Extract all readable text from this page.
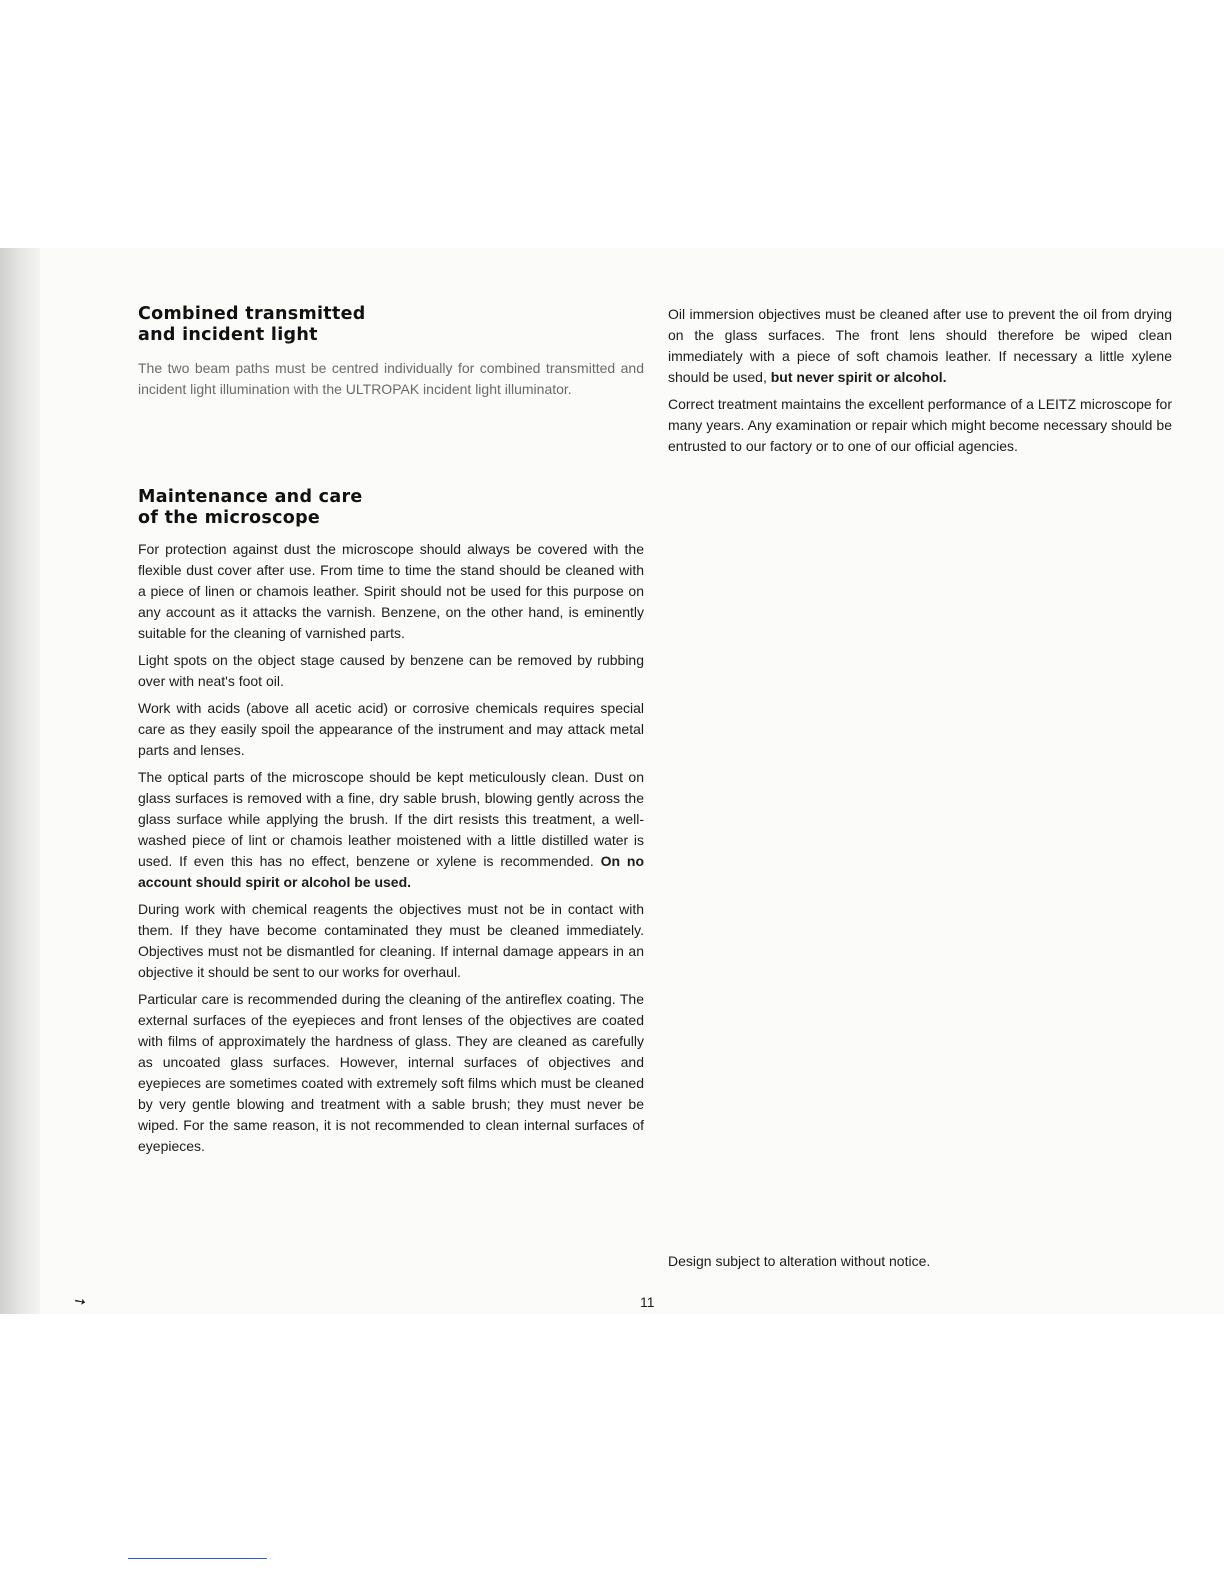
Combined transmitted
and incident light

The two beam paths must be centred individually for combined transmitted and incident light illumination with the ULTROPAK incident light illuminator.

Maintenance and care
of the microscope

For protection against dust the microscope should always be covered with the flexible dust cover after use. From time to time the stand should be cleaned with a piece of linen or chamois leather. Spirit should not be used for this purpose on any account as it attacks the varnish. Benzene, on the other hand, is eminently suitable for the cleaning of varnished parts.

Light spots on the object stage caused by benzene can be removed by rubbing over with neat's foot oil.

Work with acids (above all acetic acid) or corrosive chemicals requires special care as they easily spoil the appearance of the instrument and may attack metal parts and lenses.

The optical parts of the microscope should be kept meticulously clean. Dust on glass surfaces is removed with a fine, dry sable brush, blowing gently across the glass surface while applying the brush. If the dirt resists this treatment, a well-washed piece of lint or chamois leather moistened with a little distilled water is used. If even this has no effect, benzene or xylene is recommended. On no account should spirit or alcohol be used.

During work with chemical reagents the objectives must not be in contact with them. If they have become contaminated they must be cleaned immediately. Objectives must not be dismantled for cleaning. If internal damage appears in an objective it should be sent to our works for overhaul.

Particular care is recommended during the cleaning of the antireflex coating. The external surfaces of the eyepieces and front lenses of the objectives are coated with films of approximately the hardness of glass. They are cleaned as carefully as uncoated glass surfaces. However, internal surfaces of objectives and eyepieces are sometimes coated with extremely soft films which must be cleaned by very gentle blowing and treatment with a sable brush; they must never be wiped. For the same reason, it is not recommended to clean internal surfaces of eyepieces.

Oil immersion objectives must be cleaned after use to prevent the oil from drying on the glass surfaces. The front lens should therefore be wiped clean immediately with a piece of soft chamois leather. If necessary a little xylene should be used, but never spirit or alcohol.

Correct treatment maintains the excellent performance of a LEITZ microscope for many years. Any examination or repair which might become necessary should be entrusted to our factory or to one of our official agencies.

Design subject to alteration without notice.
11
➘
